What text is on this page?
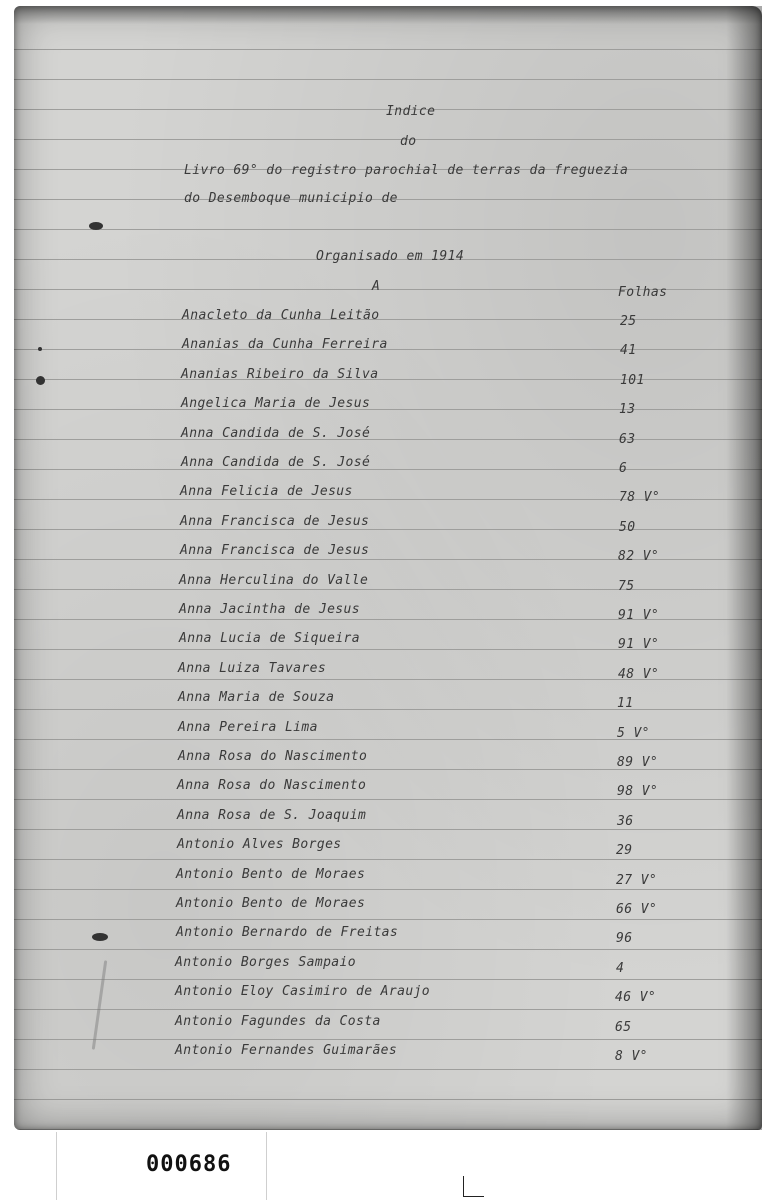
Indice
do
Livro 69° do registro parochial de terras da freguezia
do Desemboque municipio de
Organisado em 1914
A	Folhas
Anacleto da Cunha Leitão	25
Ananias da Cunha Ferreira	41
Ananias Ribeiro da Silva	101
Angelica Maria de Jesus	13
Anna Candida de S. José	63
Anna Candida de S. José	6
Anna Felicia de Jesus	78 V°
Anna Francisca de Jesus	50
Anna Francisca de Jesus	82 V°
Anna Herculina do Valle	75
Anna Jacintha de Jesus	91 V°
Anna Lucia de Siqueira	91 V°
Anna Luiza Tavares	48 V°
Anna Maria de Souza	11
Anna Pereira Lima	5 V°
Anna Rosa do Nascimento	89 V°
Anna Rosa do Nascimento	98 V°
Anna Rosa de S. Joaquim	36
Antonio Alves Borges	29
Antonio Bento de Moraes	27 V°
Antonio Bento de Moraes	66 V°
Antonio Bernardo de Freitas	96
Antonio Borges Sampaio	4
Antonio Eloy Casimiro de Araujo	46 V°
Antonio Fagundes da Costa	65
Antonio Fernandes Guimarães	8 V°
000686
